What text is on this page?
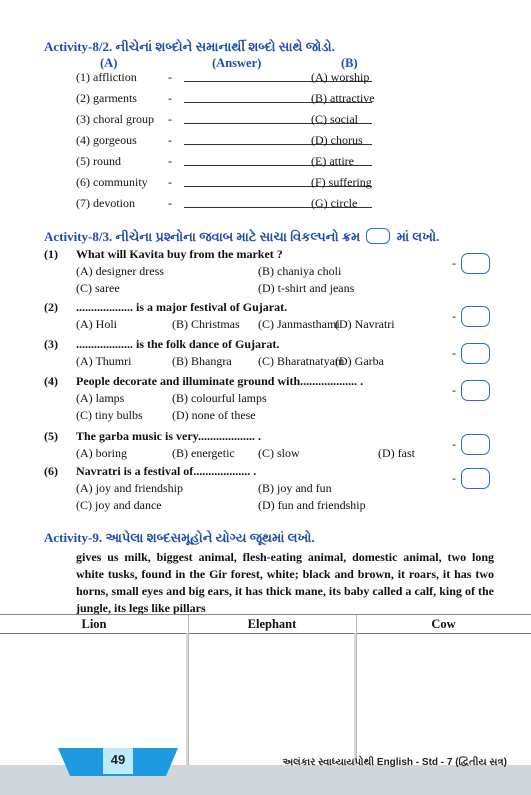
Activity-8/2. નીચેનાં શબ્દોને સમાનાર્થી શબ્દો સાથે જોડો.
(A)	(Answer)	(B)
(1) affliction	-	(A) worship
(2) garments	-	(B) attractive
(3) choral group -	(C) social
(4) gorgeous	-	(D) chorus
(5) round	-	(E) attire
(6) community -	(F) suffering
(7) devotion	-	(G) circle
Activity-8/3. નીચેના પ્રશ્નોના જવાબ માટે સાચા વિકલ્પનો ક્રમ	માં લખો.
(1) What will Kavita buy from the market ?
(A) designer dress	(B) chaniya choli
(C) saree	(D) t-shirt and jeans
-
(2) ................... is a major festival of Gujarat.
(A) Holi	(B) Christmas (C) Janmasthami
(D) Navratri
-
(3) ................... is the folk dance of Gujarat.
(A) Thumri	(B) Bhangra (C) Bharatnatyam
(D) Garba
-
(4) People decorate and illuminate ground with................... .
(A) lamps	(B) colourful lamps
(C) tiny bulbs (D) none of these
-
(5) The garba music is very................... .
(A) boring	(B) energetic (C) slow	(D) fast
-
(6) Navratri is a festival of................... .
(A) joy and friendship	(B) joy and fun
(C) joy and dance	(D) fun and friendship
-
Activity-9. આપેલા શબ્દસમૂહોને યોગ્ય જૂથમાં લખો.
gives us milk, biggest animal, flesh-eating animal, domestic animal, two long white tusks, found in the Gir forest, white; black and brown, it roars, it has two horns, small eyes and big ears, it has thick mane, its baby called a calf, king of the jungle, its legs like pillars
Lion	Elephant	Cow
49	અલંકાર સ્વાધ્યાયપોથી English - Std - 7 (દ્વિતીય સત્ર)
